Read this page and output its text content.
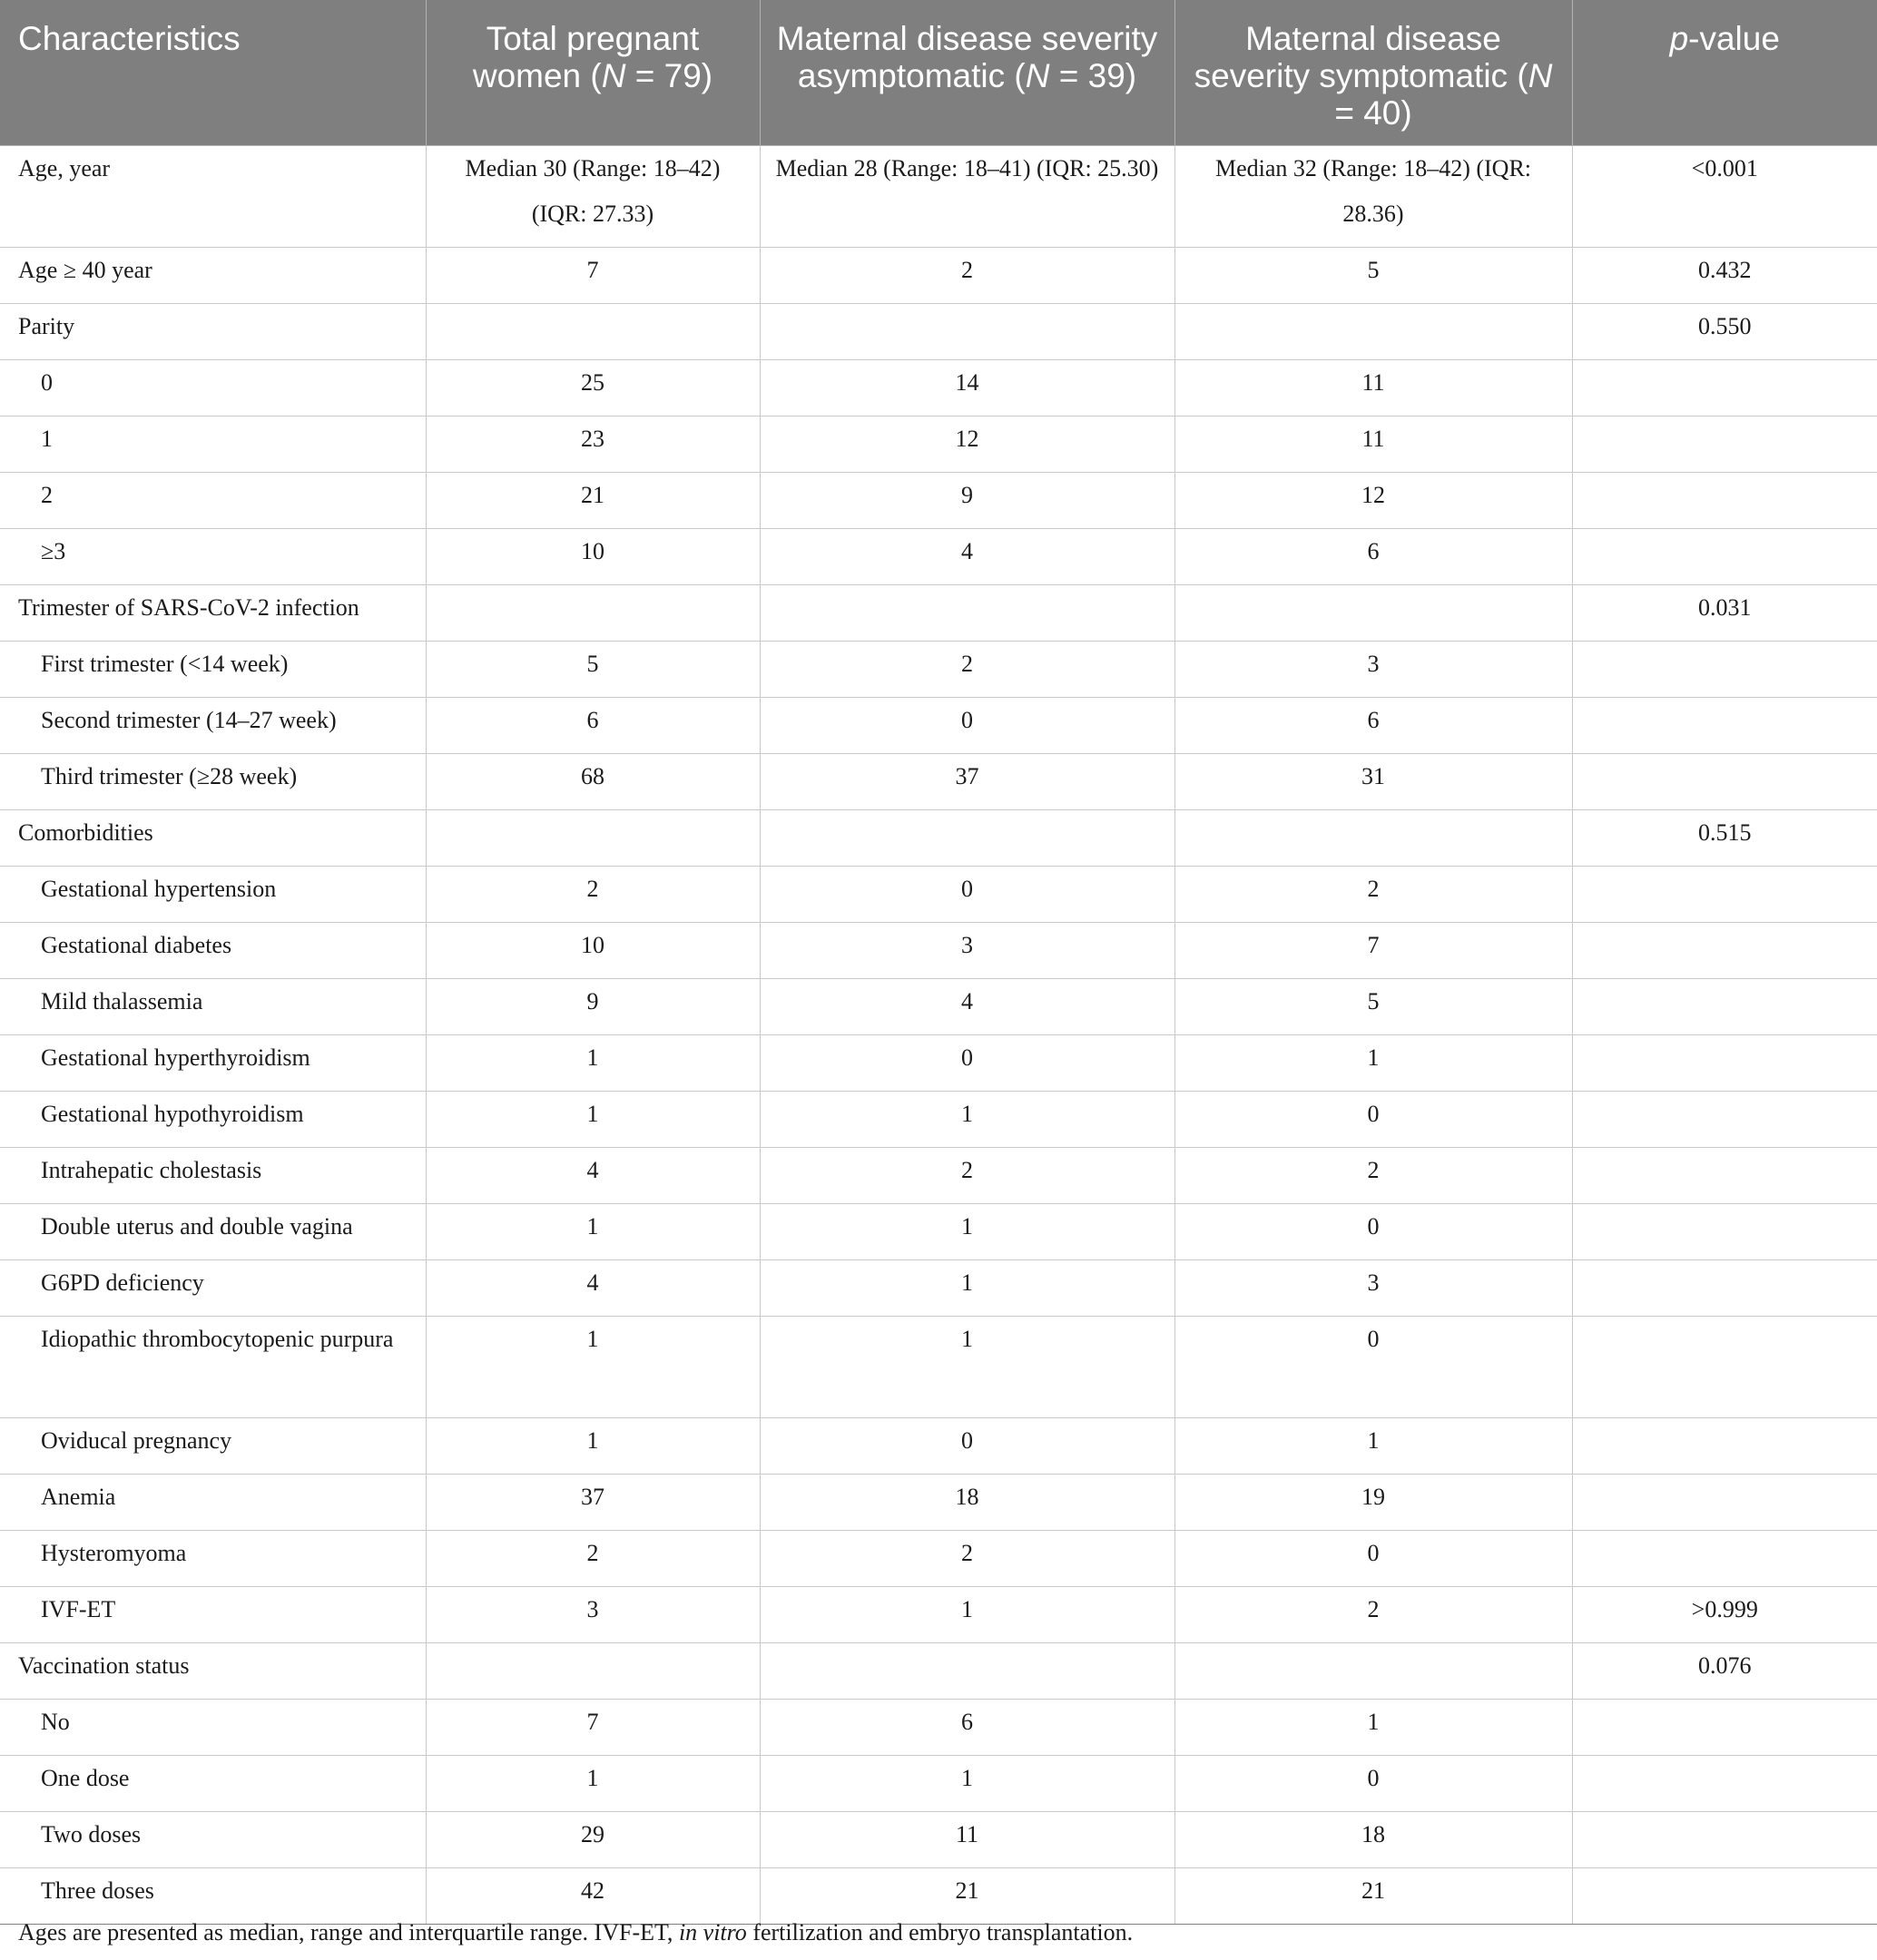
Characteristics	Total pregnant women (N = 79)	Maternal disease severity asymptomatic (N = 39)	Maternal disease severity symptomatic (N = 40)	p-value
Age, year	Median 30 (Range: 18–42) (IQR: 27.33)	Median 28 (Range: 18–41) (IQR: 25.30)	Median 32 (Range: 18–42) (IQR: 28.36)	<0.001
Age ≥ 40 year	7	2	5	0.432
Parity				0.550
0	25	14	11	
1	23	12	11	
2	21	9	12	
≥3	10	4	6	
Trimester of SARS-CoV-2 infection				0.031
First trimester (<14 week)	5	2	3	
Second trimester (14–27 week)	6	0	6	
Third trimester (≥28 week)	68	37	31	
Comorbidities				0.515
Gestational hypertension	2	0	2	
Gestational diabetes	10	3	7	
Mild thalassemia	9	4	5	
Gestational hyperthyroidism	1	0	1	
Gestational hypothyroidism	1	1	0	
Intrahepatic cholestasis	4	2	2	
Double uterus and double vagina	1	1	0	
G6PD deficiency	4	1	3	
Idiopathic thrombocytopenic purpura	1	1	0	
Oviducal pregnancy	1	0	1	
Anemia	37	18	19	
Hysteromyoma	2	2	0	
IVF-ET	3	1	2	>0.999
Vaccination status				0.076
No	7	6	1	
One dose	1	1	0	
Two doses	29	11	18	
Three doses	42	21	21	
Ages are presented as median, range and interquartile range. IVF-ET, in vitro fertilization and embryo transplantation.
